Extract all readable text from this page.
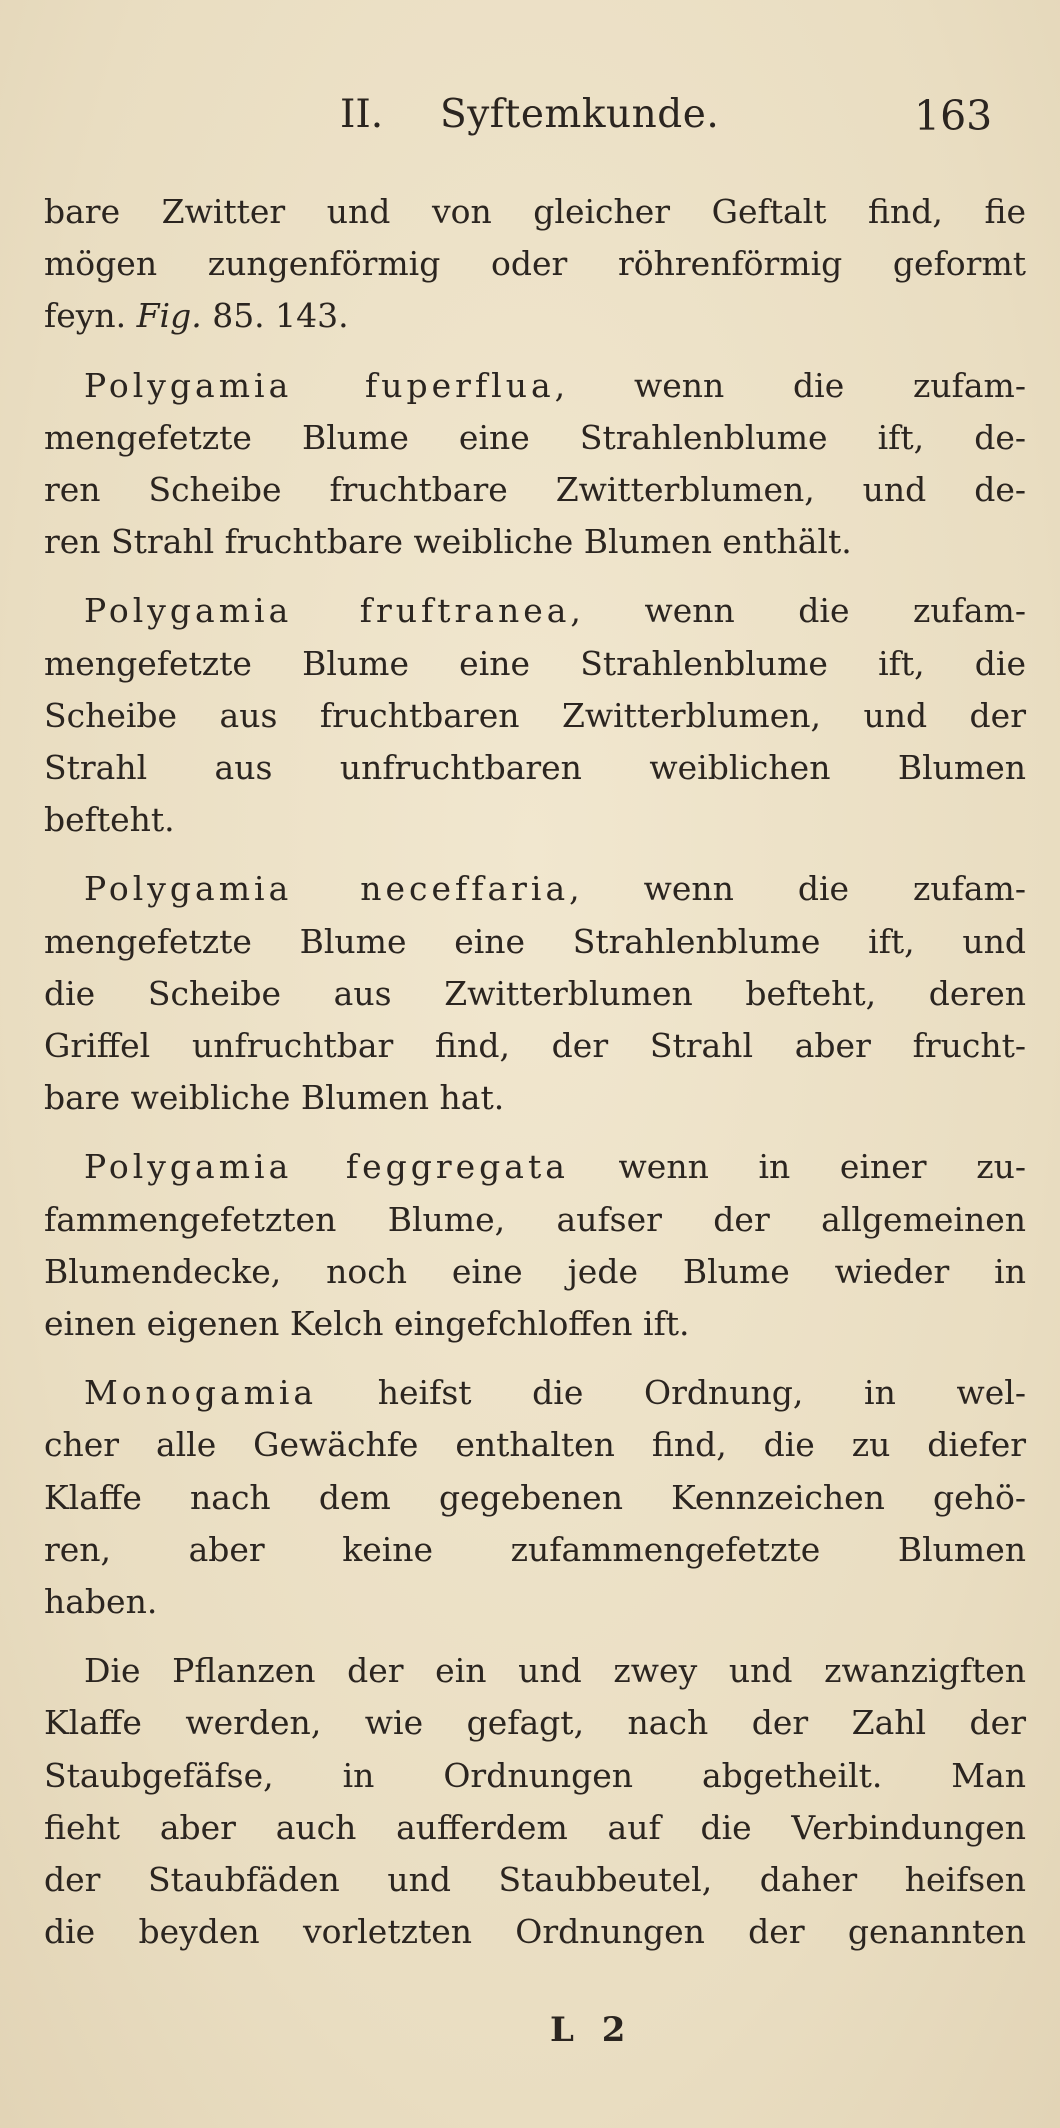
II. Syftemkunde.	163
bare Zwitter und von gleicher Geftalt find, fie
mögen zungenförmig oder röhrenförmig geformt
feyn. Fig. 85. 143.
Polygamia fuperflua, wenn die zufam-
mengefetzte Blume eine Strahlenblume ift, de-
ren Scheibe fruchtbare Zwitterblumen, und de-
ren Strahl fruchtbare weibliche Blumen enthält.
Polygamia fruftranea, wenn die zufam-
mengefetzte Blume eine Strahlenblume ift, die
Scheibe aus fruchtbaren Zwitterblumen, und der
Strahl aus unfruchtbaren weiblichen Blumen
befteht.
Polygamia neceffaria, wenn die zufam-
mengefetzte Blume eine Strahlenblume ift, und
die Scheibe aus Zwitterblumen befteht, deren
Griffel unfruchtbar find, der Strahl aber frucht-
bare weibliche Blumen hat.
Polygamia feggregata wenn in einer zu-
fammengefetzten Blume, aufser der allgemeinen
Blumendecke, noch eine jede Blume wieder in
einen eigenen Kelch eingefchloffen ift.
Monogamia heifst die Ordnung, in wel-
cher alle Gewächfe enthalten find, die zu diefer
Klaffe nach dem gegebenen Kennzeichen gehö-
ren, aber keine zufammengefetzte Blumen
haben.
Die Pflanzen der ein und zwey und zwanzigften
Klaffe werden, wie gefagt, nach der Zahl der
Staubgefäfse, in Ordnungen abgetheilt. Man
fieht aber auch aufferdem auf die Verbindungen
der Staubfäden und Staubbeutel, daher heifsen
die beyden vorletzten Ordnungen der genannten
L 2
